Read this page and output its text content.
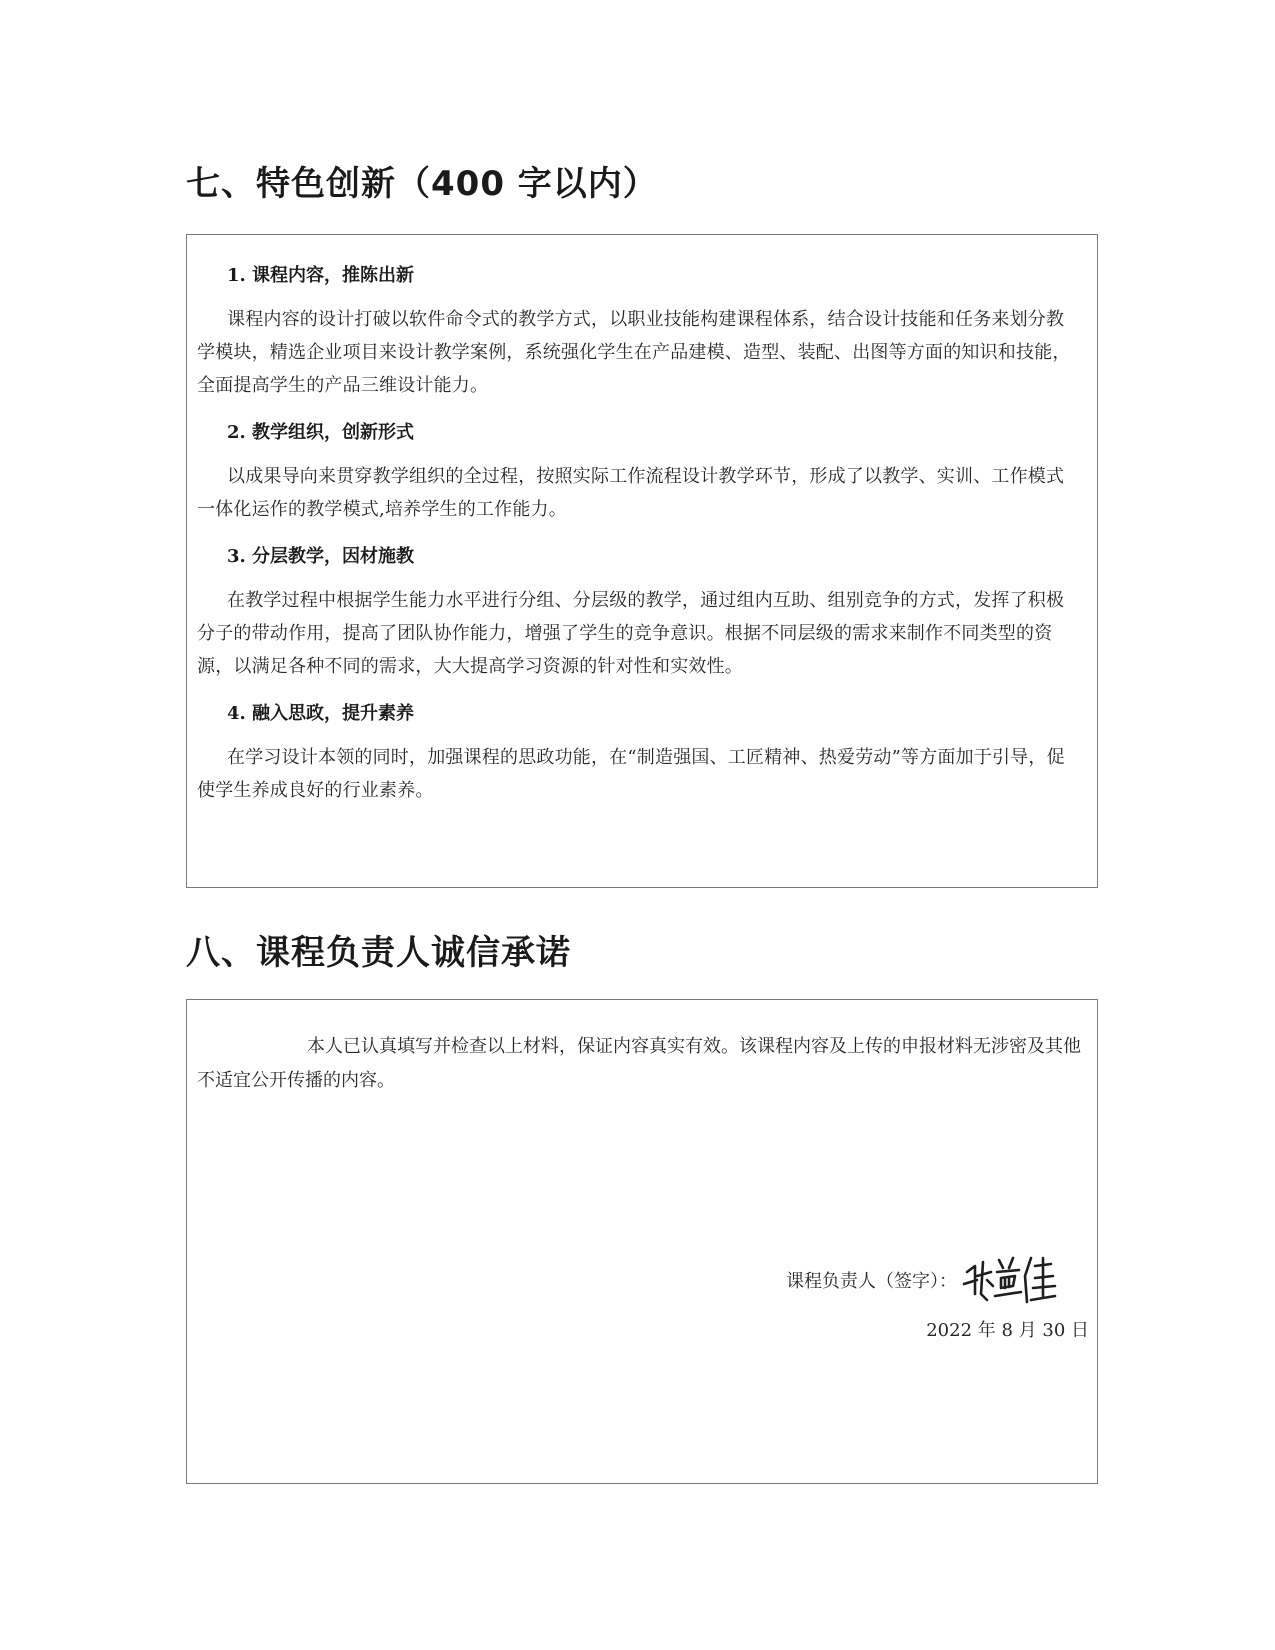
七、特色创新（400 字以内）

1. 课程内容，推陈出新

课程内容的设计打破以软件命令式的教学方式，以职业技能构建课程体系，结合设计技能和任务来划分教学模块，精选企业项目来设计教学案例，系统强化学生在产品建模、造型、装配、出图等方面的知识和技能，全面提高学生的产品三维设计能力。

2. 教学组织，创新形式

以成果导向来贯穿教学组织的全过程，按照实际工作流程设计教学环节，形成了以教学、实训、工作模式一体化运作的教学模式,培养学生的工作能力。

3. 分层教学，因材施教

在教学过程中根据学生能力水平进行分组、分层级的教学，通过组内互助、组别竞争的方式，发挥了积极分子的带动作用，提高了团队协作能力，增强了学生的竞争意识。根据不同层级的需求来制作不同类型的资源，以满足各种不同的需求，大大提高学习资源的针对性和实效性。

4. 融入思政，提升素养

在学习设计本领的同时，加强课程的思政功能，在“制造强国、工匠精神、热爱劳动”等方面加于引导，促使学生养成良好的行业素养。

八、课程负责人诚信承诺

本人已认真填写并检查以上材料，保证内容真实有效。该课程内容及上传的申报材料无涉密及其他不适宜公开传播的内容。

课程负责人（签字）：
2022 年 8 月 30 日
